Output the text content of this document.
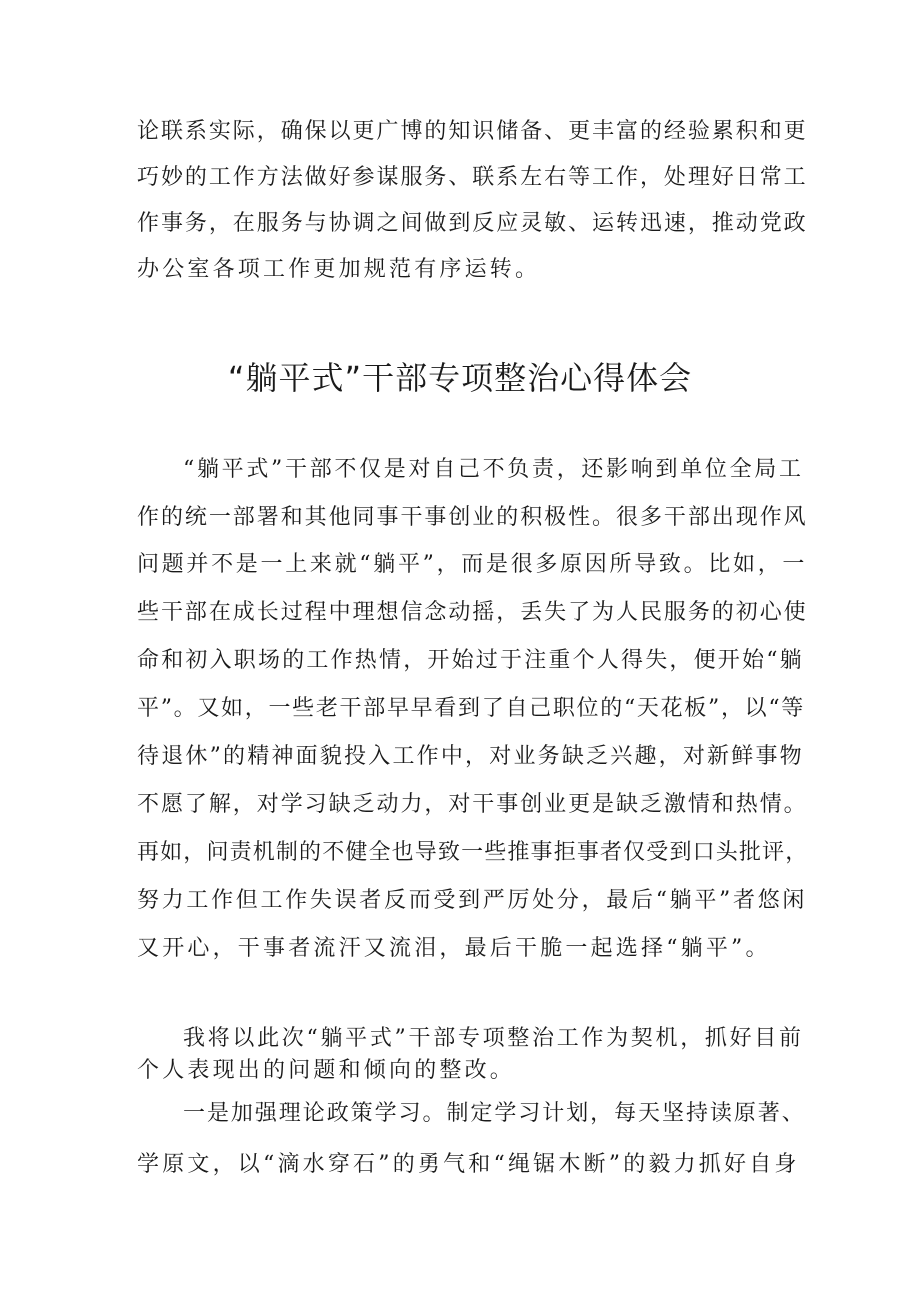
论联系实际，确保以更广博的知识储备、更丰富的经验累积和更
巧妙的工作方法做好参谋服务、联系左右等工作，处理好日常工
作事务，在服务与协调之间做到反应灵敏、运转迅速，推动党政
办公室各项工作更加规范有序运转。
“躺平式”干部专项整治心得体会
“躺平式”干部不仅是对自己不负责，还影响到单位全局工
作的统一部署和其他同事干事创业的积极性。很多干部出现作风
问题并不是一上来就“躺平”，而是很多原因所导致。比如，一
些干部在成长过程中理想信念动摇，丢失了为人民服务的初心使
命和初入职场的工作热情，开始过于注重个人得失，便开始“躺
平”。又如，一些老干部早早看到了自己职位的“天花板”，以“等
待退休”的精神面貌投入工作中，对业务缺乏兴趣，对新鲜事物
不愿了解，对学习缺乏动力，对干事创业更是缺乏激情和热情。
再如，问责机制的不健全也导致一些推事拒事者仅受到口头批评，
努力工作但工作失误者反而受到严厉处分，最后“躺平”者悠闲
又开心，干事者流汗又流泪，最后干脆一起选择“躺平”。
我将以此次“躺平式”干部专项整治工作为契机，抓好目前
个人表现出的问题和倾向的整改。
一是加强理论政策学习。制定学习计划，每天坚持读原著、
学原文，以“滴水穿石”的勇气和“绳锯木断”的毅力抓好自身
